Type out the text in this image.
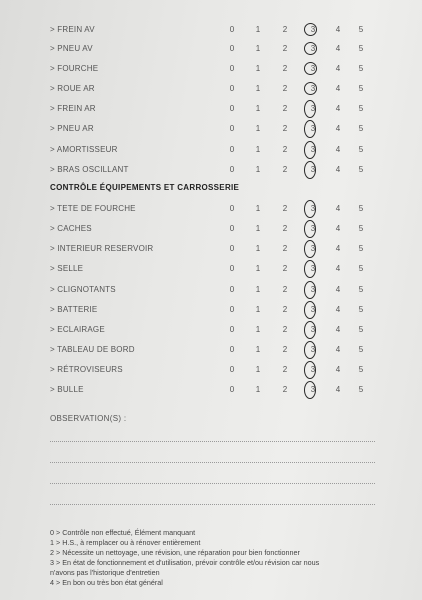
> FREIN AV	0	1	2	3	4	5
> PNEU AV	0	1	2	3	4	5
> FOURCHE	0	1	2	3	4	5
> ROUE AR	0	1	2	3	4	5
> FREIN AR	0	1	2	3	4	5
> PNEU AR	0	1	2	3	4	5
> AMORTISSEUR	0	1	2	3	4	5
> BRAS OSCILLANT	0	1	2	3	4	5
CONTRÔLE ÉQUIPEMENTS ET CARROSSERIE
> TETE DE FOURCHE	0	1	2	3	4	5
> CACHES	0	1	2	3	4	5
> INTERIEUR RESERVOIR	0	1	2	3	4	5
> SELLE	0	1	2	3	4	5
> CLIGNOTANTS	0	1	2	3	4	5
> BATTERIE	0	1	2	3	4	5
> ECLAIRAGE	0	1	2	3	4	5
> TABLEAU DE BORD	0	1	2	3	4	5
> RÉTROVISEURS	0	1	2	3	4	5
> BULLE	0	1	2	3	4	5
OBSERVATION(S) :
0 > Contrôle non effectué, Élément manquant
1 > H.S., à remplacer ou à rénover entièrement
2 > Nécessite un nettoyage, une révision, une réparation pour bien fonctionner
3 > En état de fonctionnement et d'utilisation, prévoir contrôle et/ou révision car nous
n'avons pas l'historique d'entretien
4 > En bon ou très bon état général
